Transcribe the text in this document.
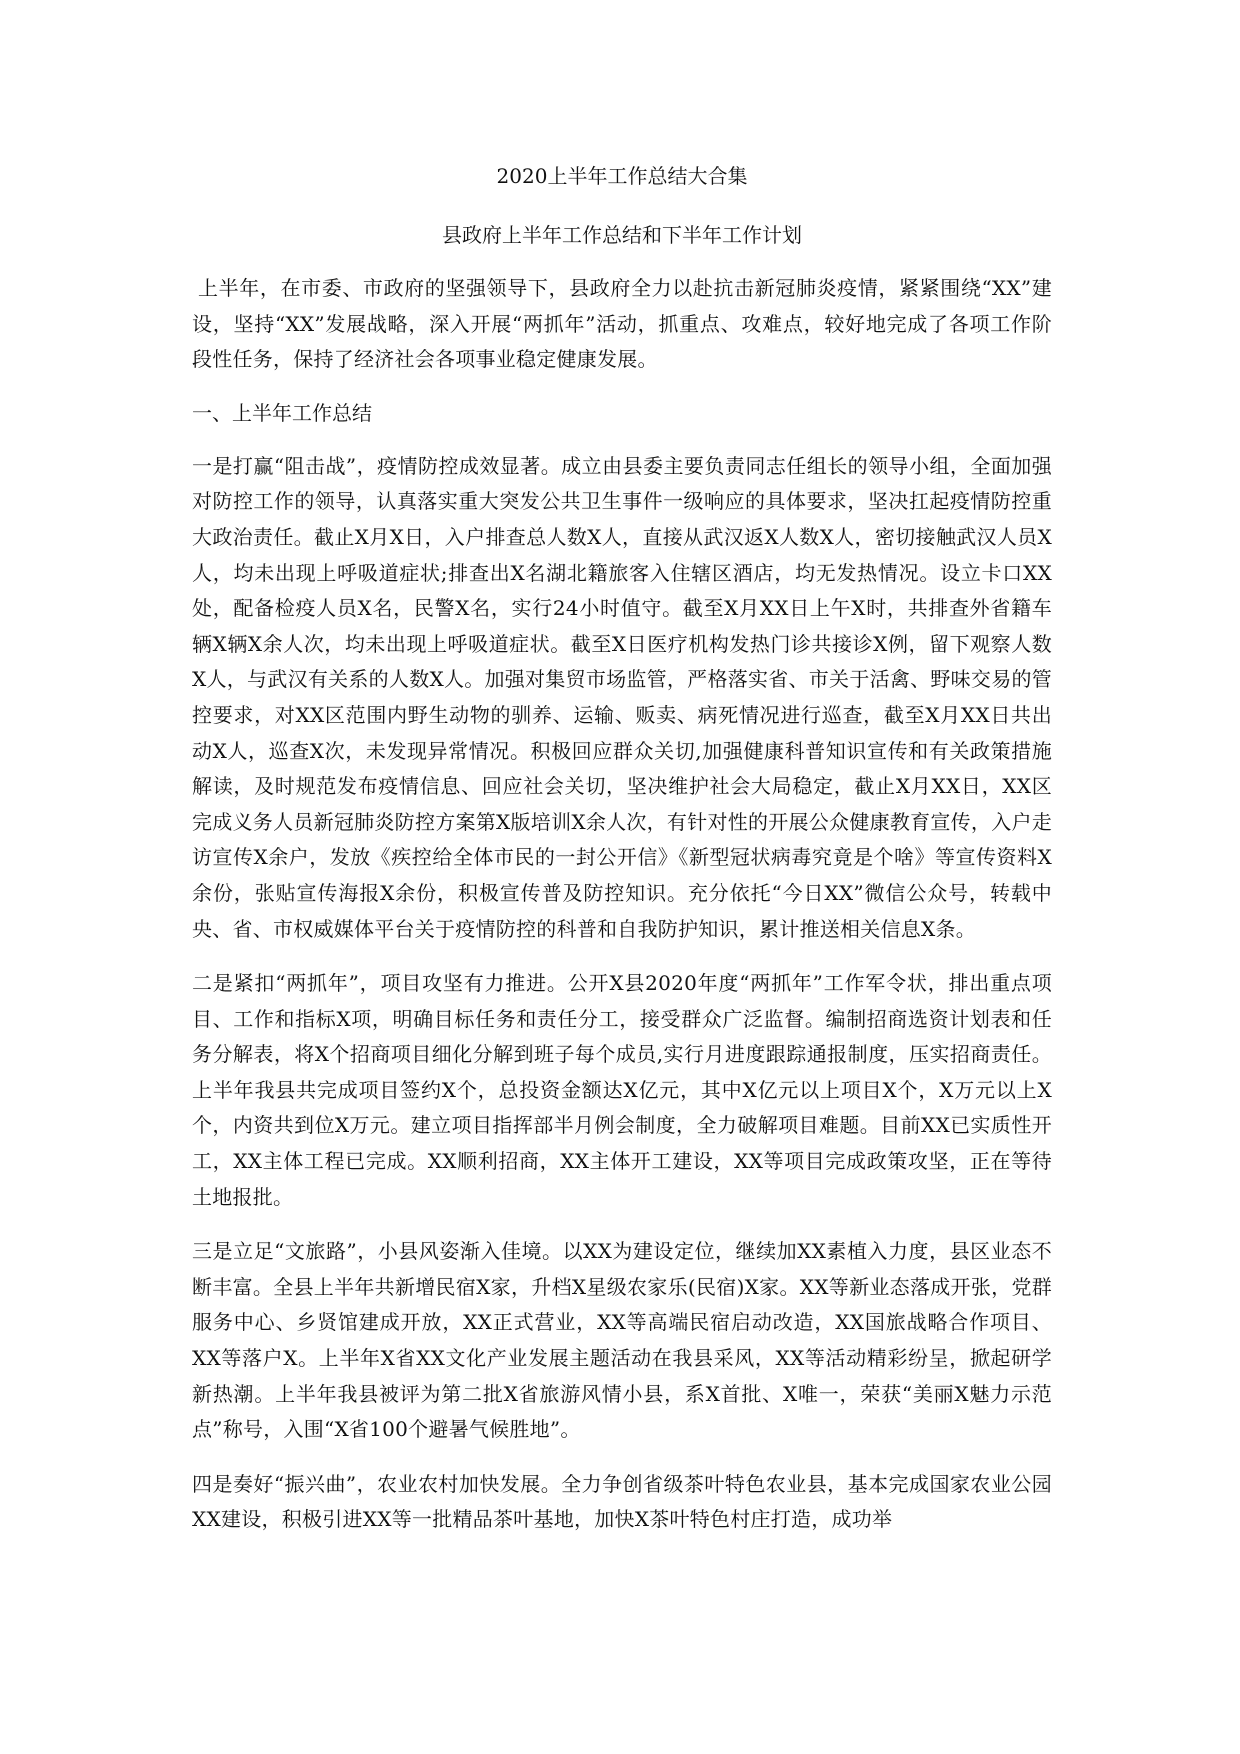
2020上半年工作总结大合集
县政府上半年工作总结和下半年工作计划

上半年，在市委、市政府的坚强领导下，县政府全力以赴抗击新冠肺炎疫情，紧紧围绕“XX”建设，坚持“XX”发展战略，深入开展“两抓年”活动，抓重点、攻难点，较好地完成了各项工作阶段性任务，保持了经济社会各项事业稳定健康发展。

一、上半年工作总结

一是打赢“阻击战”，疫情防控成效显著。成立由县委主要负责同志任组长的领导小组，全面加强对防控工作的领导，认真落实重大突发公共卫生事件一级响应的具体要求，坚决扛起疫情防控重大政治责任。截止X月X日，入户排查总人数X人，直接从武汉返X人数X人，密切接触武汉人员X人，均未出现上呼吸道症状;排查出X名湖北籍旅客入住辖区酒店，均无发热情况。设立卡口XX处，配备检疫人员X名，民警X名，实行24小时值守。截至X月XX日上午X时，共排查外省籍车辆X辆X余人次，均未出现上呼吸道症状。截至X日医疗机构发热门诊共接诊X例，留下观察人数X人，与武汉有关系的人数X人。加强对集贸市场监管，严格落实省、市关于活禽、野味交易的管控要求，对XX区范围内野生动物的驯养、运输、贩卖、病死情况进行巡查，截至X月XX日共出动X人，巡查X次，未发现异常情况。积极回应群众关切,加强健康科普知识宣传和有关政策措施解读，及时规范发布疫情信息、回应社会关切，坚决维护社会大局稳定，截止X月XX日，XX区完成义务人员新冠肺炎防控方案第X版培训X余人次，有针对性的开展公众健康教育宣传，入户走访宣传X余户，发放《疾控给全体市民的一封公开信》《新型冠状病毒究竟是个啥》等宣传资料X余份，张贴宣传海报X余份，积极宣传普及防控知识。充分依托“今日XX”微信公众号，转载中央、省、市权威媒体平台关于疫情防控的科普和自我防护知识，累计推送相关信息X条。

二是紧扣“两抓年”，项目攻坚有力推进。公开X县2020年度“两抓年”工作军令状，排出重点项目、工作和指标X项，明确目标任务和责任分工，接受群众广泛监督。编制招商选资计划表和任务分解表，将X个招商项目细化分解到班子每个成员,实行月进度跟踪通报制度，压实招商责任。上半年我县共完成项目签约X个，总投资金额达X亿元，其中X亿元以上项目X个，X万元以上X个，内资共到位X万元。建立项目指挥部半月例会制度，全力破解项目难题。目前XX已实质性开工，XX主体工程已完成。XX顺利招商，XX主体开工建设，XX等项目完成政策攻坚，正在等待土地报批。

三是立足“文旅路”，小县风姿渐入佳境。以XX为建设定位，继续加XX素植入力度，县区业态不断丰富。全县上半年共新增民宿X家，升档X星级农家乐(民宿)X家。XX等新业态落成开张，党群服务中心、乡贤馆建成开放，XX正式营业，XX等高端民宿启动改造，XX国旅战略合作项目、XX等落户X。上半年X省XX文化产业发展主题活动在我县采风，XX等活动精彩纷呈，掀起研学新热潮。上半年我县被评为第二批X省旅游风情小县，系X首批、X唯一，荣获“美丽X魅力示范点”称号，入围“X省100个避暑气候胜地”。

四是奏好“振兴曲”，农业农村加快发展。全力争创省级茶叶特色农业县，基本完成国家农业公园XX建设，积极引进XX等一批精品茶叶基地，加快X茶叶特色村庄打造，成功举
